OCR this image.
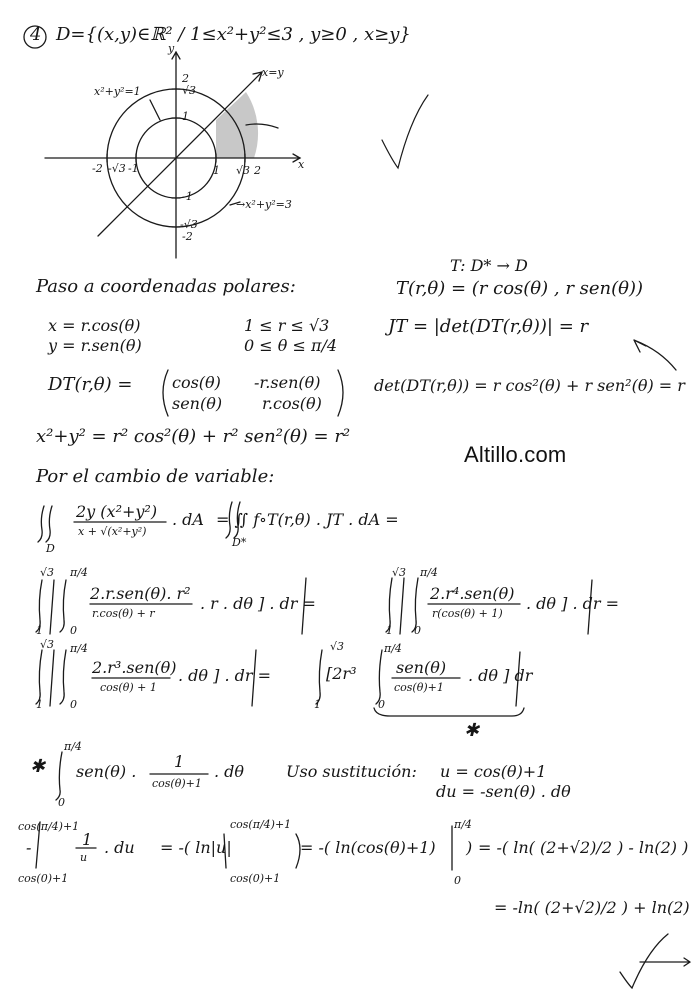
4 D={(x,y)∈ℝ² / 1≤x²+y²≤3 , y≥0 , x≥y}
y
x
x=y
x²+y²=1
→x²+y²=3
2
√3
1
-1
-√3
-2
-2 -√3 -1	1 √3 2
T: D* → D
Paso a coordenadas polares:	T(r,θ) = (r cos(θ) , r sen(θ))
x = r.cos(θ)
y = r.sen(θ)
1 ≤ r ≤ √3
0 ≤ θ ≤ π/4
JT = |det(DT(r,θ))| = r
DT(r,θ) = cos(θ) -r.sen(θ)
sen(θ) r.cos(θ)
det(DT(r,θ)) = r cos²(θ) + r sen²(θ) = r
x²+y² = r² cos²(θ) + r² sen²(θ) = r²
Altillo.com
Por el cambio de variable:
2y (x²+y²)
x + √(x²+y²)
. dA
D
= ∬ f∘T(r,θ) . JT . dA =
D*
√3
1
π/4
0
2.r.sen(θ). r²
r.cos(θ) + r
. r . dθ ] . dr =
√3
1
π/4
0
2.r⁴.sen(θ)
r(cos(θ) + 1)
. dθ ] . dr =
√3
1
π/4
0
2.r³.sen(θ)
cos(θ) + 1
. dθ ] . dr =
√3
1
[2r³
π/4
0
sen(θ)
cos(θ)+1
. dθ ] dr
✱
✱
π/4
0
sen(θ) .
1
cos(θ)+1
. dθ	Uso sustitución: u = cos(θ)+1
du = -sen(θ) . dθ
cos(π/4)+1
cos(0)+1
-	1
u
. du = -( ln|u|
cos(π/4)+1
cos(0)+1
= -( ln(cos(θ)+1)
π/4
0
) = -( ln( (2+√2)/2 ) - ln(2) )
= -ln( (2+√2)/2 ) + ln(2)
